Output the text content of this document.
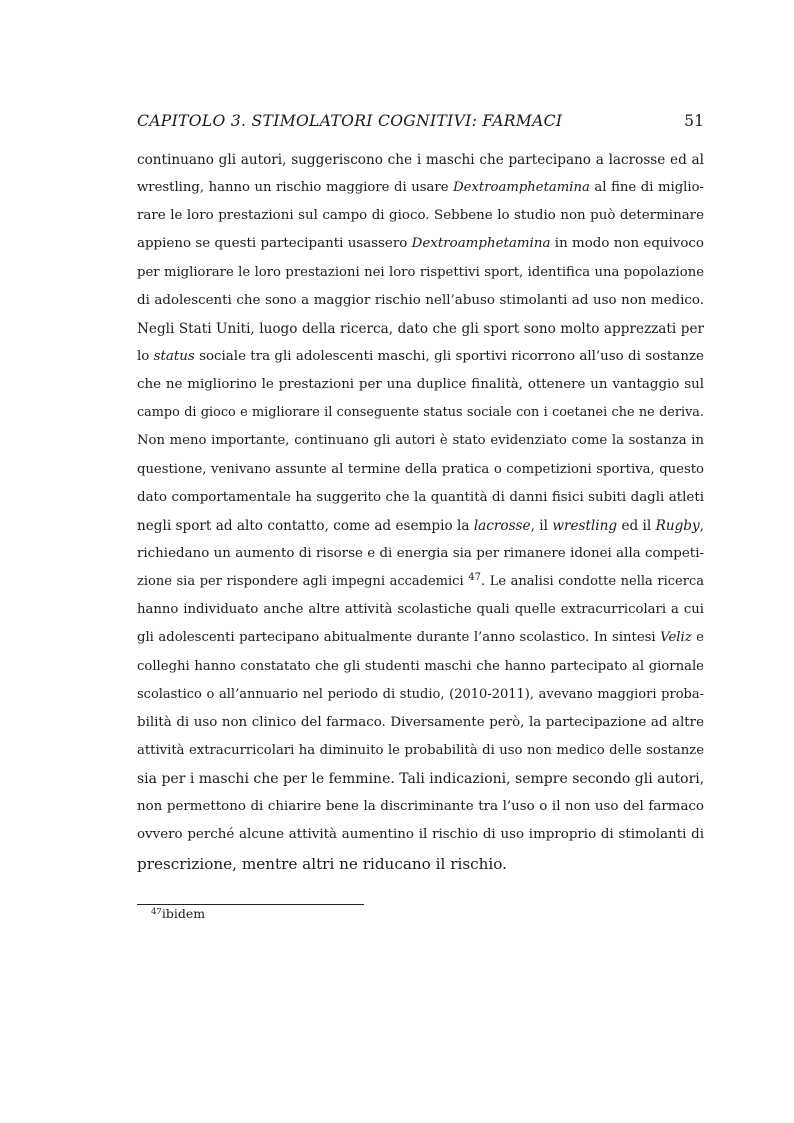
CAPITOLO 3. STIMOLATORI COGNITIVI: FARMACI	51
continuano gli autori, suggeriscono che i maschi che partecipano a lacrosse ed al
wrestling, hanno un rischio maggiore di usare Dextroamphetamina al fine di miglio-
rare le loro prestazioni sul campo di gioco. Sebbene lo studio non può determinare
appieno se questi partecipanti usassero Dextroamphetamina in modo non equivoco
per migliorare le loro prestazioni nei loro rispettivi sport, identifica una popolazione
di adolescenti che sono a maggior rischio nell’abuso stimolanti ad uso non medico.
Negli Stati Uniti, luogo della ricerca, dato che gli sport sono molto apprezzati per
lo status sociale tra gli adolescenti maschi, gli sportivi ricorrono all’uso di sostanze
che ne migliorino le prestazioni per una duplice finalità, ottenere un vantaggio sul
campo di gioco e migliorare il conseguente status sociale con i coetanei che ne deriva.
Non meno importante, continuano gli autori è stato evidenziato come la sostanza in
questione, venivano assunte al termine della pratica o competizioni sportiva, questo
dato comportamentale ha suggerito che la quantità di danni fisici subiti dagli atleti
negli sport ad alto contatto, come ad esempio la lacrosse, il wrestling ed il Rugby,
richiedano un aumento di risorse e di energia sia per rimanere idonei alla competi-
zione sia per rispondere agli impegni accademici $^{47}$. Le analisi condotte nella ricerca
hanno individuato anche altre attività scolastiche quali quelle extracurricolari a cui
gli adolescenti partecipano abitualmente durante l’anno scolastico. In sintesi Veliz e
colleghi hanno constatato che gli studenti maschi che hanno partecipato al giornale
scolastico o all’annuario nel periodo di studio, (2010-2011), avevano maggiori proba-
bilità di uso non clinico del farmaco. Diversamente però, la partecipazione ad altre
attività extracurricolari ha diminuito le probabilità di uso non medico delle sostanze
sia per i maschi che per le femmine. Tali indicazioni, sempre secondo gli autori,
non permettono di chiarire bene la discriminante tra l’uso o il non uso del farmaco
ovvero perché alcune attività aumentino il rischio di uso improprio di stimolanti di
prescrizione, mentre altri ne riducano il rischio.
$^{47}$ibidem
